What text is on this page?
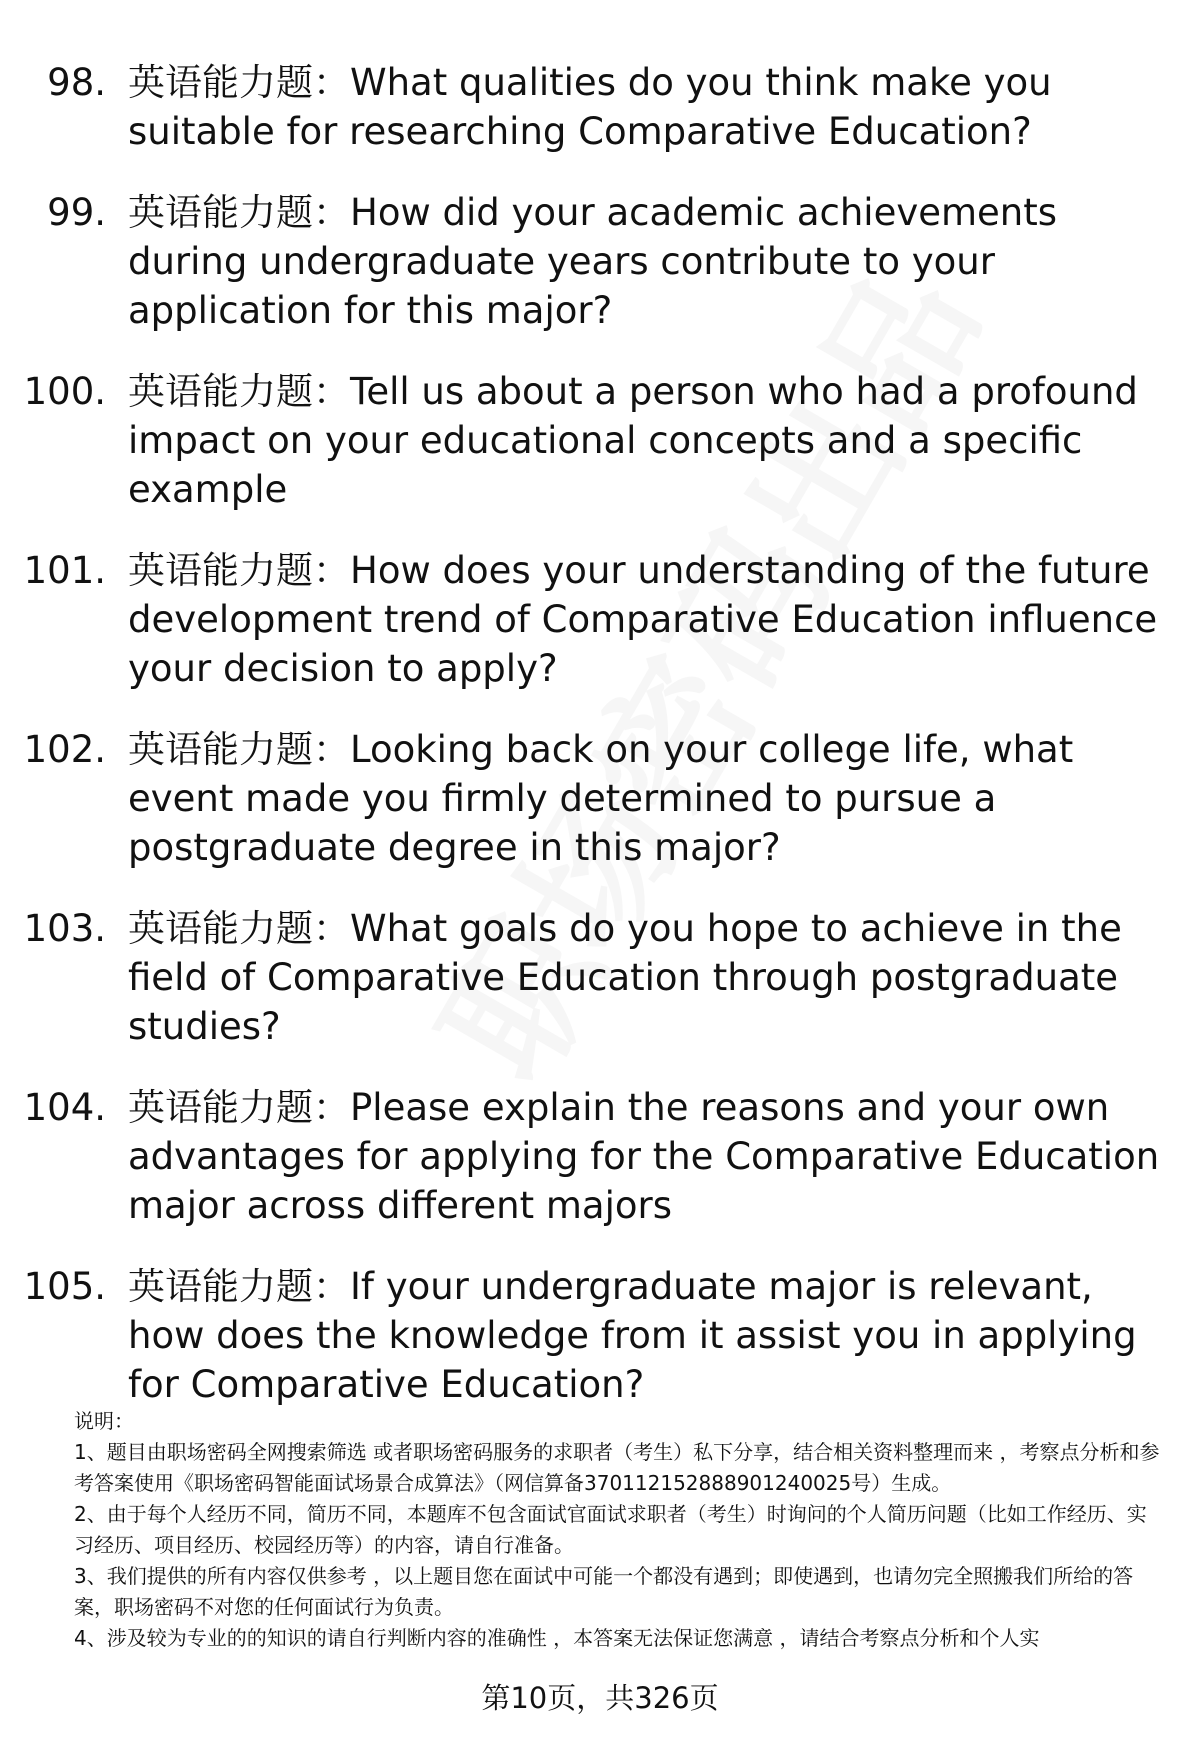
98. 英语能力题：What qualities do you think make you suitable for researching Comparative Education?
99. 英语能力题：How did your academic achievements during undergraduate years contribute to your application for this major?
100. 英语能力题：Tell us about a person who had a profound impact on your educational concepts and a specific example
101. 英语能力题：How does your understanding of the future development trend of Comparative Education influence your decision to apply?
102. 英语能力题：Looking back on your college life, what event made you firmly determined to pursue a postgraduate degree in this major?
103. 英语能力题：What goals do you hope to achieve in the field of Comparative Education through postgraduate studies?
104. 英语能力题：Please explain the reasons and your own advantages for applying for the Comparative Education major across different majors
105. 英语能力题：If your undergraduate major is relevant, how does the knowledge from it assist you in applying for Comparative Education?

说明：

1、题目由职场密码全网搜索筛选 或者职场密码服务的求职者（考生）私下分享，结合相关资料整理而来 ，考察点分析和参考答案使用《职场密码智能面试场景合成算法》（网信算备370112152888901240025号）生成。

2、由于每个人经历不同，简历不同，本题库不包含面试官面试求职者（考生）时询问的个人简历问题（比如工作经历、实习经历、项目经历、校园经历等）的内容，请自行准备。

3、我们提供的所有内容仅供参考 ，以上题目您在面试中可能一个都没有遇到；即使遇到，也请勿完全照搬我们所给的答案，职场密码不对您的任何面试行为负责。

4、涉及较为专业的的知识的请自行判断内容的准确性 ，本答案无法保证您满意 ，请结合考察点分析和个人实

第10页，共326页
